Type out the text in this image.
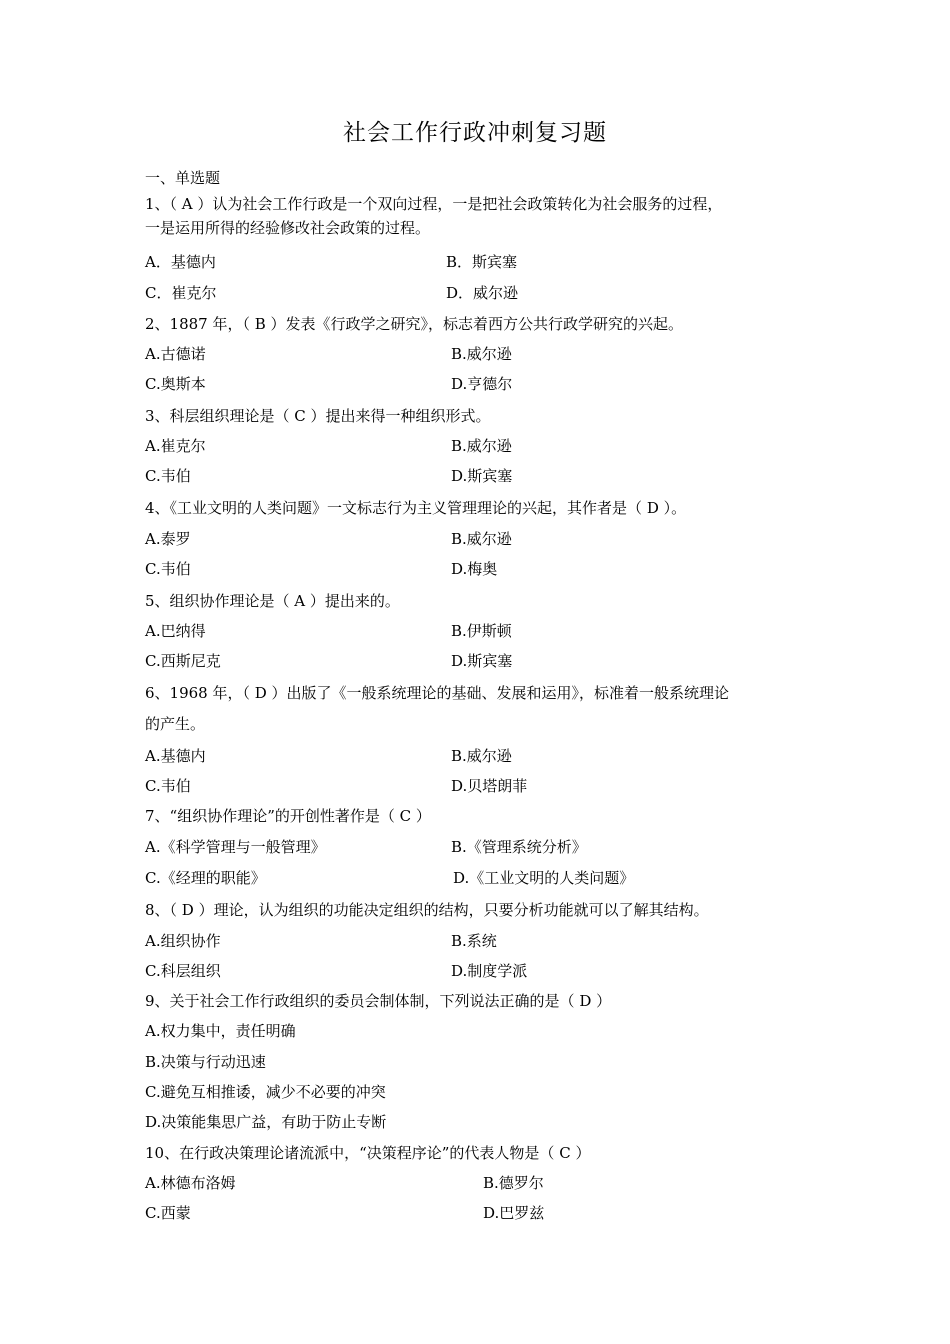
社会工作行政冲刺复习题
一、单选题
1、（ A ）认为社会工作行政是一个双向过程，一是把社会政策转化为社会服务的过程，
一是运用所得的经验修改社会政策的过程。
A．基德内	B．斯宾塞
C．崔克尔	D．威尔逊
2、1887 年，（ B ）发表《行政学之研究》，标志着西方公共行政学研究的兴起。
A.古德诺	B.威尔逊
C.奥斯本	D.亨德尔
3、科层组织理论是（ C ）提出来得一种组织形式。
A.崔克尔	B.威尔逊
C.韦伯	D.斯宾塞
4、《工业文明的人类问题》一文标志行为主义管理理论的兴起，其作者是（ D ）。
A.泰罗	B.威尔逊
C.韦伯	D.梅奥
5、组织协作理论是（ A ）提出来的。
A.巴纳得	B.伊斯顿
C.西斯尼克	D.斯宾塞
6、1968 年，（ D ）出版了《一般系统理论的基础、发展和运用》，标准着一般系统理论
的产生。
A.基德内	B.威尔逊
C.韦伯	D.贝塔朗菲
7、“组织协作理论”的开创性著作是（ C ）
A.《科学管理与一般管理》	B.《管理系统分析》
C.《经理的职能》	D.《工业文明的人类问题》
8、（ D ）理论，认为组织的功能决定组织的结构，只要分析功能就可以了解其结构。
A.组织协作	B.系统
C.科层组织	D.制度学派
9、关于社会工作行政组织的委员会制体制，下列说法正确的是（ D ）
A.权力集中，责任明确
B.决策与行动迅速
C.避免互相推诿，减少不必要的冲突
D.决策能集思广益，有助于防止专断
10、在行政决策理论诸流派中，“决策程序论”的代表人物是（ C ）
A.林德布洛姆	B.德罗尔
C.西蒙	D.巴罗兹
